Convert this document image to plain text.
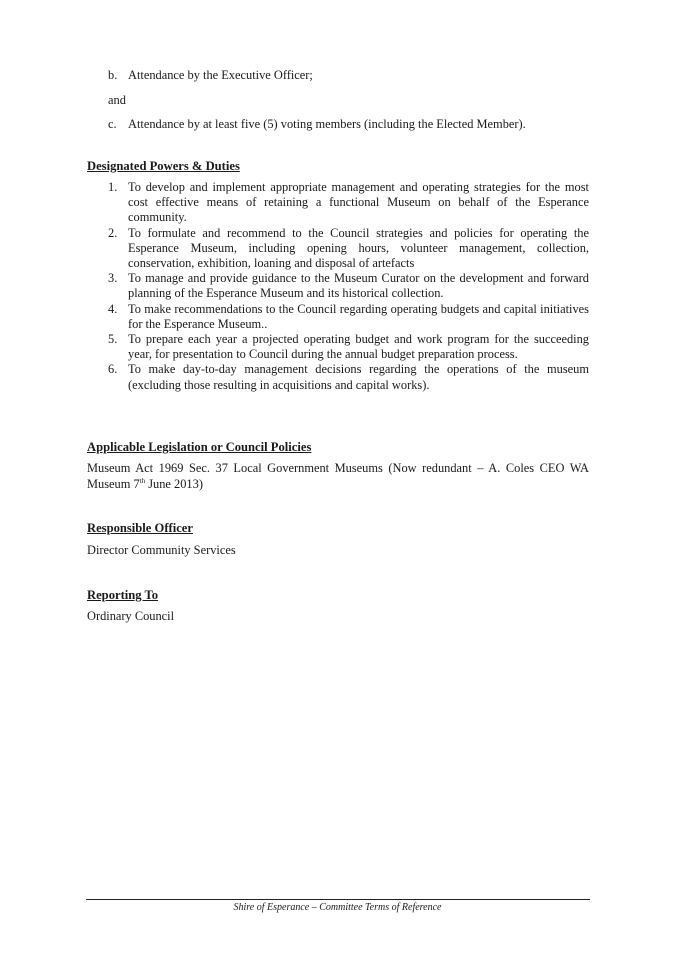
b. Attendance by the Executive Officer;
and
c. Attendance by at least five (5) voting members (including the Elected Member).
Designated Powers & Duties
1. To develop and implement appropriate management and operating strategies for the most cost effective means of retaining a functional Museum on behalf of the Esperance community.
2. To formulate and recommend to the Council strategies and policies for operating the Esperance Museum, including opening hours, volunteer management, collection, conservation, exhibition, loaning and disposal of artefacts
3. To manage and provide guidance to the Museum Curator on the development and forward planning of the Esperance Museum and its historical collection.
4. To make recommendations to the Council regarding operating budgets and capital initiatives for the Esperance Museum..
5. To prepare each year a projected operating budget and work program for the succeeding year, for presentation to Council during the annual budget preparation process.
6. To make day-to-day management decisions regarding the operations of the museum (excluding those resulting in acquisitions and capital works).
Applicable Legislation or Council Policies
Museum Act 1969 Sec. 37 Local Government Museums (Now redundant – A. Coles CEO WA Museum 7th June 2013)
Responsible Officer
Director Community Services
Reporting To
Ordinary Council
Shire of Esperance – Committee Terms of Reference
